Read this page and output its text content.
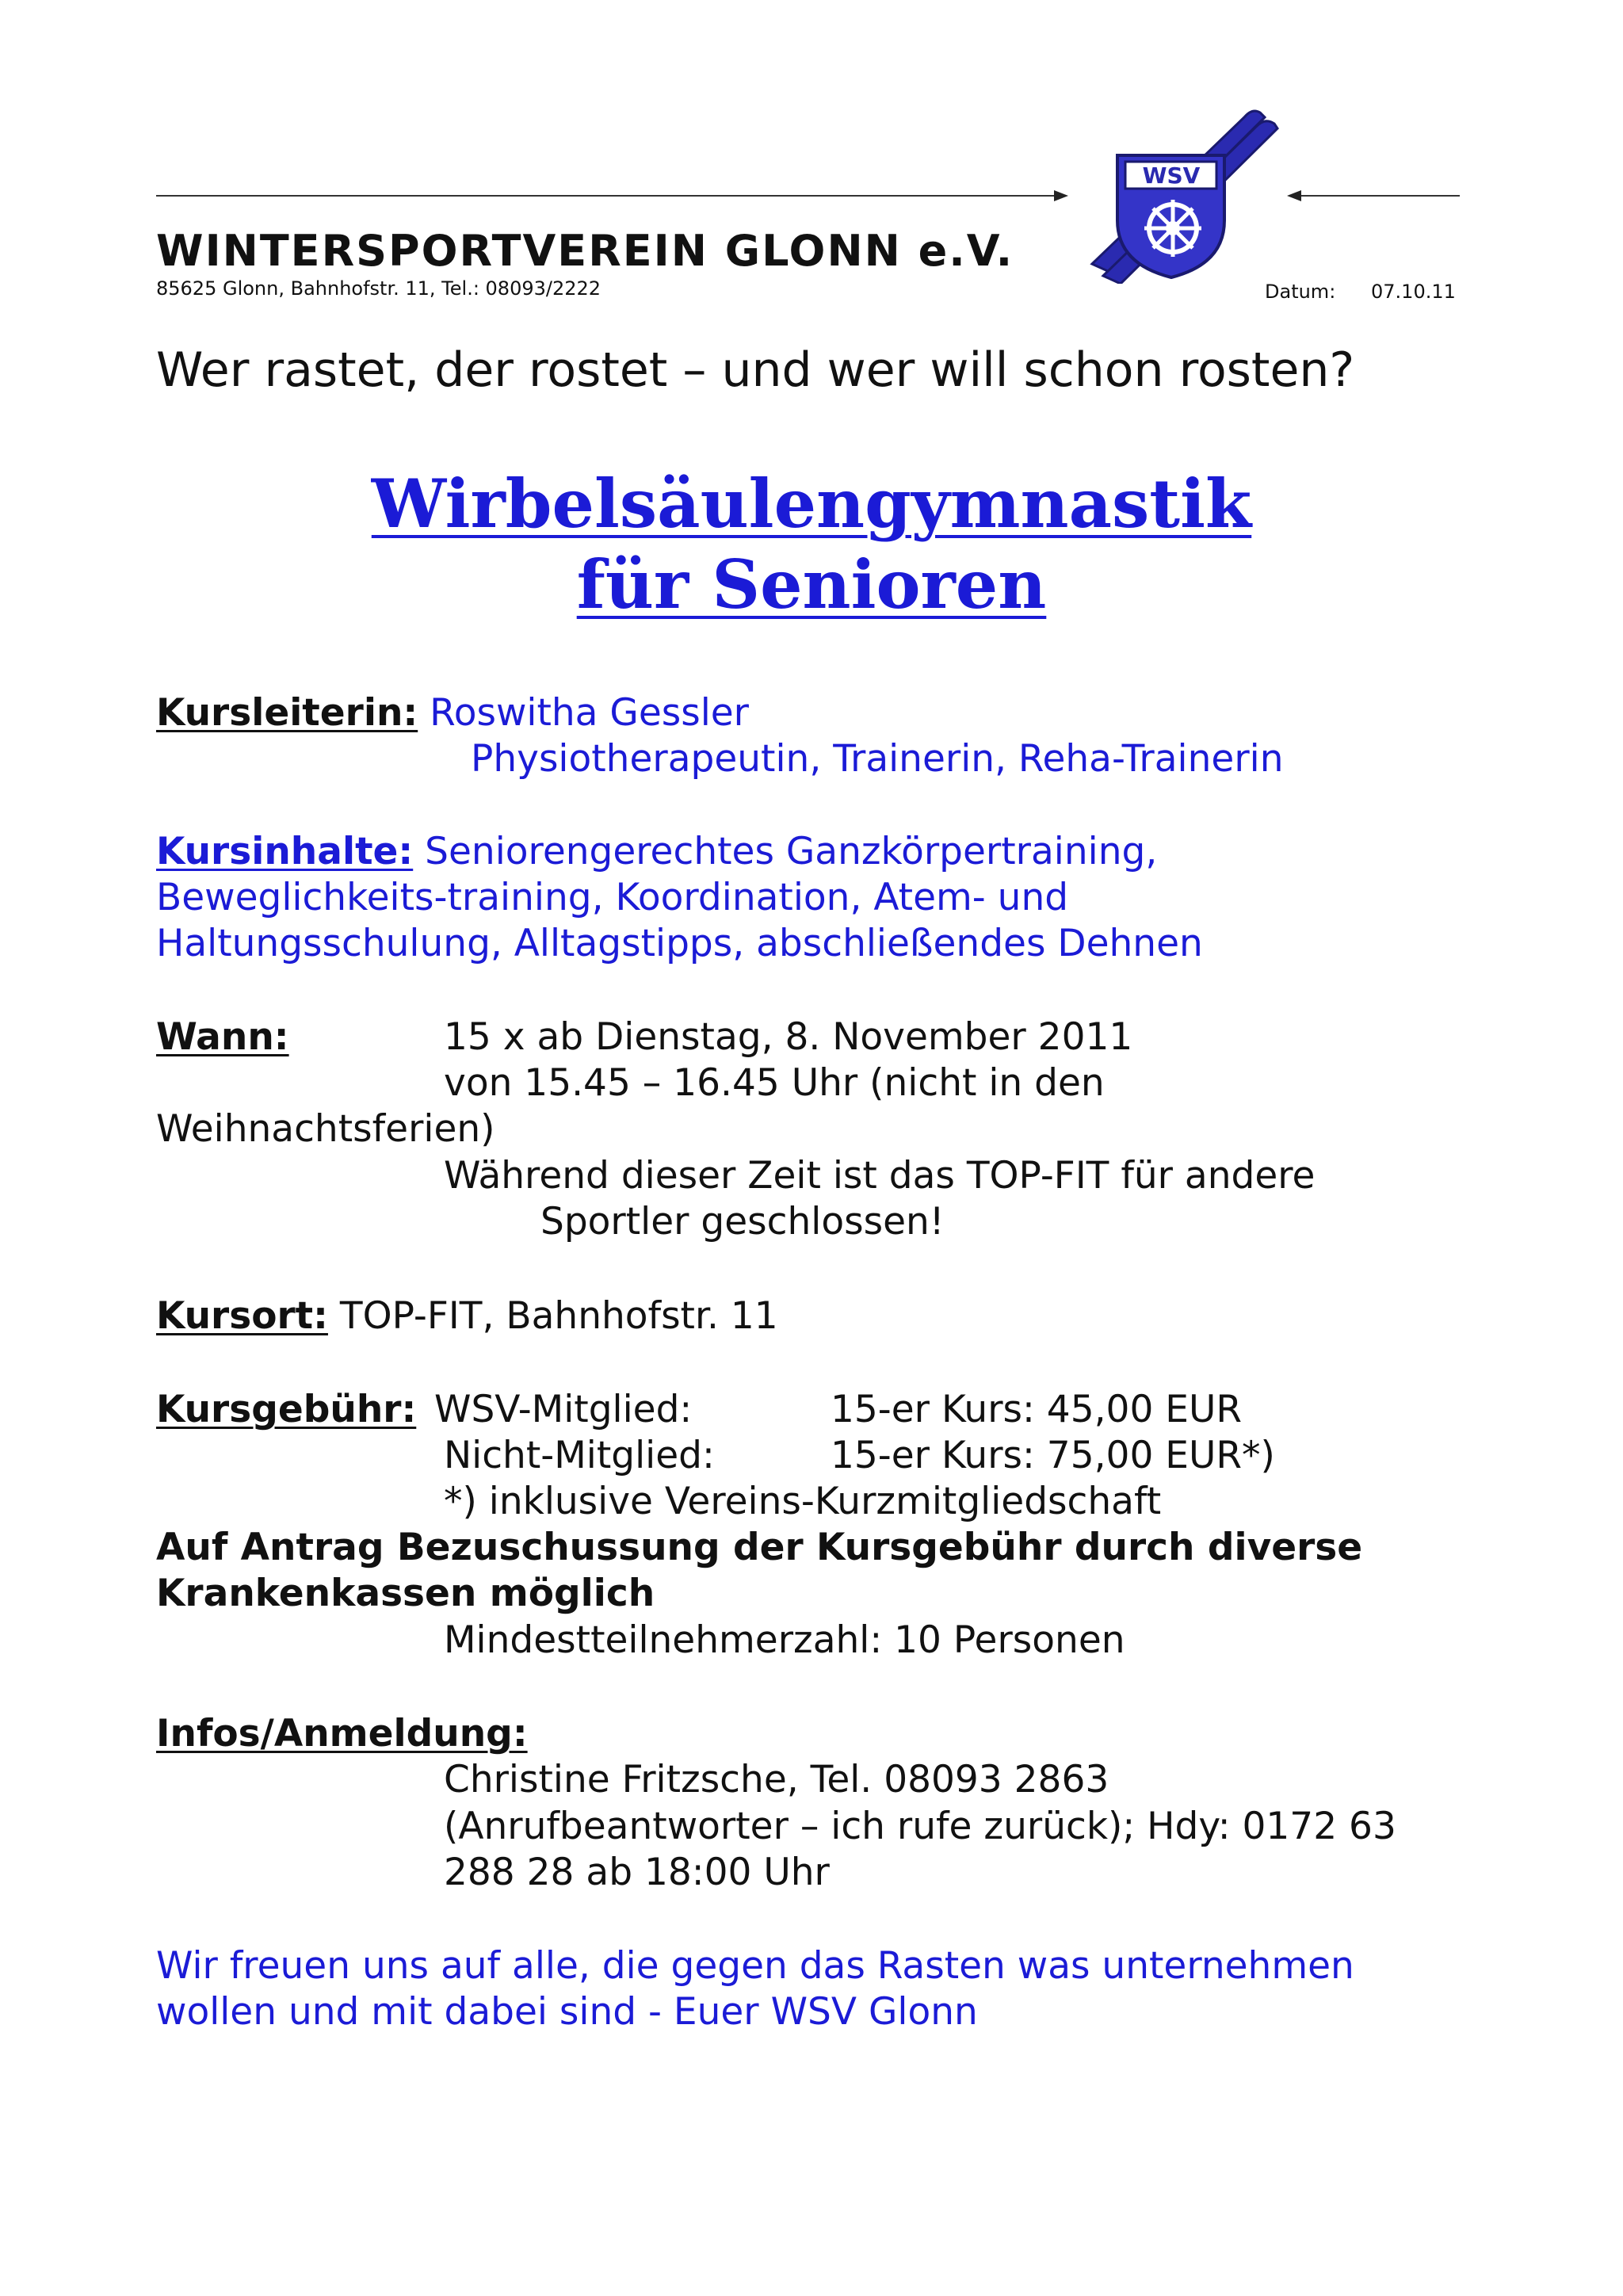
WSV
WINTERSPORTVEREIN GLONN e.V.
85625 Glonn, Bahnhofstr. 11, Tel.: 08093/2222	Datum: 07.10.11
Wer rastet, der rostet – und wer will schon rosten?
Wirbelsäulengymnastik
für Senioren
Kursleiterin: Roswitha Gessler
Physiotherapeutin, Trainerin, Reha-Trainerin
Kursinhalte: Seniorengerechtes Ganzkörpertraining,
Beweglichkeits-training, Koordination, Atem- und
Haltungsschulung, Alltagstipps, abschließendes Dehnen
Wann:	15 x ab Dienstag, 8. November 2011
von 15.45 – 16.45 Uhr (nicht in den
Weihnachtsferien)
Während dieser Zeit ist das TOP-FIT für andere
Sportler geschlossen!
Kursort: TOP-FIT, Bahnhofstr. 11
Kursgebühr: WSV-Mitglied:	15-er Kurs: 45,00 EUR
Nicht-Mitglied:	15-er Kurs: 75,00 EUR*)
*) inklusive Vereins-Kurzmitgliedschaft
Auf Antrag Bezuschussung der Kursgebühr durch diverse
Krankenkassen möglich
Mindestteilnehmerzahl: 10 Personen
Infos/Anmeldung:
Christine Fritzsche, Tel. 08093 2863
(Anrufbeantworter – ich rufe zurück); Hdy: 0172 63
288 28 ab 18:00 Uhr
Wir freuen uns auf alle, die gegen das Rasten was unternehmen
wollen und mit dabei sind - Euer WSV Glonn
